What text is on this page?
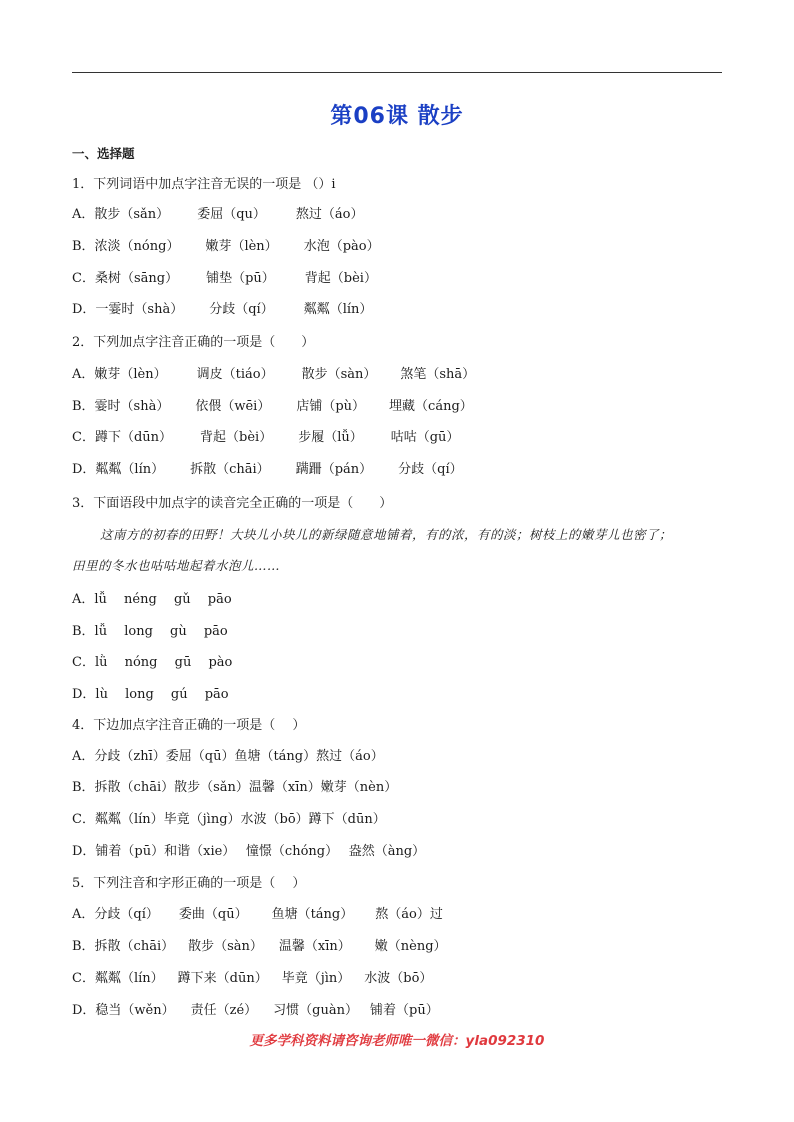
第06课 散步
一、选择题
1．下列词语中加点字注音无误的一项是 （）i
A．散步（sǎn） 委屈（qu） 熬过（áo）
B．浓淡（nóng） 嫩芽（lèn） 水泡（pào）
C．桑树（sāng） 铺垫（pū） 背起（bèi）
D．一霎时（shà） 分歧（qí） 粼粼（lín）
2．下列加点字注音正确的一项是（　　）
A．嫩芽（lèn） 调皮（tiáo） 散步（sàn） 煞笔（shā）
B．霎时（shà） 依偎（wēi） 店铺（pù） 埋藏（cáng）
C．蹲下（dūn） 背起（bèi） 步履（lǚ） 咕咕（gū）
D．粼粼（lín） 拆散（chāi） 蹒跚（pán） 分歧（qí）
3．下面语段中加点字的读音完全正确的一项是（　　）
这南方的初春的田野！大块儿小块儿的新绿随意地铺着，有的浓，有的淡；树枝上的嫩芽儿也密了；
田里的冬水也咕咕地起着水泡儿……
A．lǚ　 néng　 gǔ　 pāo
B．lǚ　 long　 gù　 pāo
C．lǜ　 nóng　 gū　 pào
D．lù　 long　 gú　 pāo
4．下边加点字注音正确的一项是（　 ）
A．分歧（zhī）委屈（qū）鱼塘（táng）熬过（áo）
B．拆散（chāi）散步（sǎn）温馨（xīn）嫩芽（nèn）
C．粼粼（lín）毕竟（jìng）水波（bō）蹲下（dūn）
D．铺着（pū）和谐（xie）　 憧憬（chóng）　 盎然（àng）
5．下列注音和字形正确的一项是（　 ）
A．分歧（qí） 委曲（qū） 鱼塘（táng） 熬（áo）过
B．拆散（chāi） 散步（sàn） 温馨（xīn） 嫩（nèng）
C．粼粼（lín） 蹲下来（dūn） 毕竟（jìn） 水波（bō）
D．稳当（wěn） 责任（zé） 习惯（guàn） 铺着（pū）
更多学科资料请咨询老师唯一微信：yla092310
